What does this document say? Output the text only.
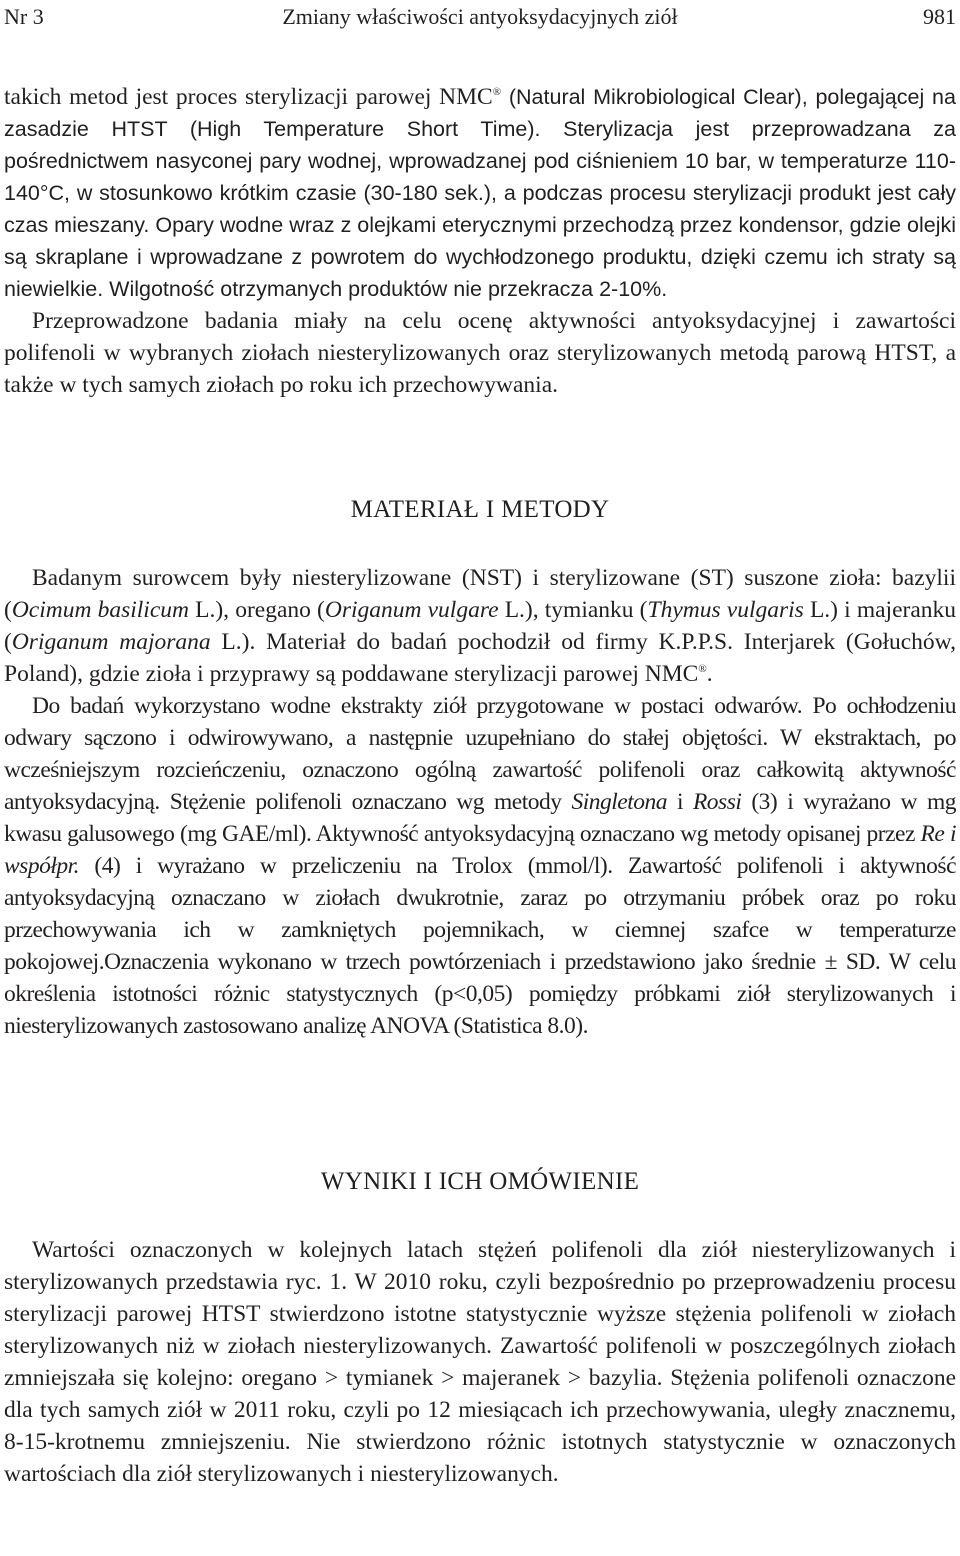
Nr 3	Zmiany właściwości antyoksydacyjnych ziół	981

takich metod jest proces sterylizacji parowej NMC® (Natural Mikrobiological Clear), polegającej na zasadzie HTST (High Temperature Short Time). Sterylizacja jest przeprowadzana za pośrednictwem nasyconej pary wodnej, wprowadzanej pod ciśnieniem 10 bar, w temperaturze 110-140°C, w stosunkowo krótkim czasie (30-180 sek.), a podczas procesu sterylizacji produkt jest cały czas mieszany. Opary wodne wraz z olejkami eterycznymi przechodzą przez kondensor, gdzie olejki są skraplane i wprowadzane z powrotem do wychłodzonego produktu, dzięki czemu ich straty są niewielkie. Wilgotność otrzymanych produktów nie przekracza 2-10%.

Przeprowadzone badania miały na celu ocenę aktywności antyoksydacyjnej i zawartości polifenoli w wybranych ziołach niesterylizowanych oraz sterylizowanych metodą parową HTST, a także w tych samych ziołach po roku ich przechowywania.

MATERIAŁ I METODY

Badanym surowcem były niesterylizowane (NST) i sterylizowane (ST) suszone zioła: bazylii (Ocimum basilicum L.), oregano (Origanum vulgare L.), tymianku (Thymus vulgaris L.) i majeranku (Origanum majorana L.). Materiał do badań pochodził od firmy K.P.P.S. Interjarek (Gołuchów, Poland), gdzie zioła i przyprawy są poddawane sterylizacji parowej NMC®.

Do badań wykorzystano wodne ekstrakty ziół przygotowane w postaci odwarów. Po ochłodzeniu odwary sączono i odwirowywano, a następnie uzupełniano do stałej objętości. W ekstraktach, po wcześniejszym rozcieńczeniu, oznaczono ogólną zawartość polifenoli oraz całkowitą aktywność antyoksydacyjną. Stężenie polifenoli oznaczano wg metody Singletona i Rossi (3) i wyrażano w mg kwasu galusowego (mg GAE/ml). Aktywność antyoksydacyjną oznaczano wg metody opisanej przez Re i współpr. (4) i wyrażano w przeliczeniu na Trolox (mmol/l). Zawartość polifenoli i aktywność antyoksydacyjną oznaczano w ziołach dwukrotnie, zaraz po otrzymaniu próbek oraz po roku przechowywania ich w zamkniętych pojemnikach, w ciemnej szafce w temperaturze pokojowej.Oznaczenia wykonano w trzech powtórzeniach i przedstawiono jako średnie ± SD. W celu określenia istotności różnic statystycznych (p<0,05) pomiędzy próbkami ziół sterylizowanych i niesterylizowanych zastosowano analizę ANOVA (Statistica 8.0).

WYNIKI I ICH OMÓWIENIE

Wartości oznaczonych w kolejnych latach stężeń polifenoli dla ziół niesterylizowanych i sterylizowanych przedstawia ryc. 1. W 2010 roku, czyli bezpośrednio po przeprowadzeniu procesu sterylizacji parowej HTST stwierdzono istotne statystycznie wyższe stężenia polifenoli w ziołach sterylizowanych niż w ziołach niesterylizowanych. Zawartość polifenoli w poszczególnych ziołach zmniejszała się kolejno: oregano > tymianek > majeranek > bazylia. Stężenia polifenoli oznaczone dla tych samych ziół w 2011 roku, czyli po 12 miesiącach ich przechowywania, uległy znacznemu, 8-15-krotnemu zmniejszeniu. Nie stwierdzono różnic istotnych statystycznie w oznaczonych wartościach dla ziół sterylizowanych i niesterylizowanych.
